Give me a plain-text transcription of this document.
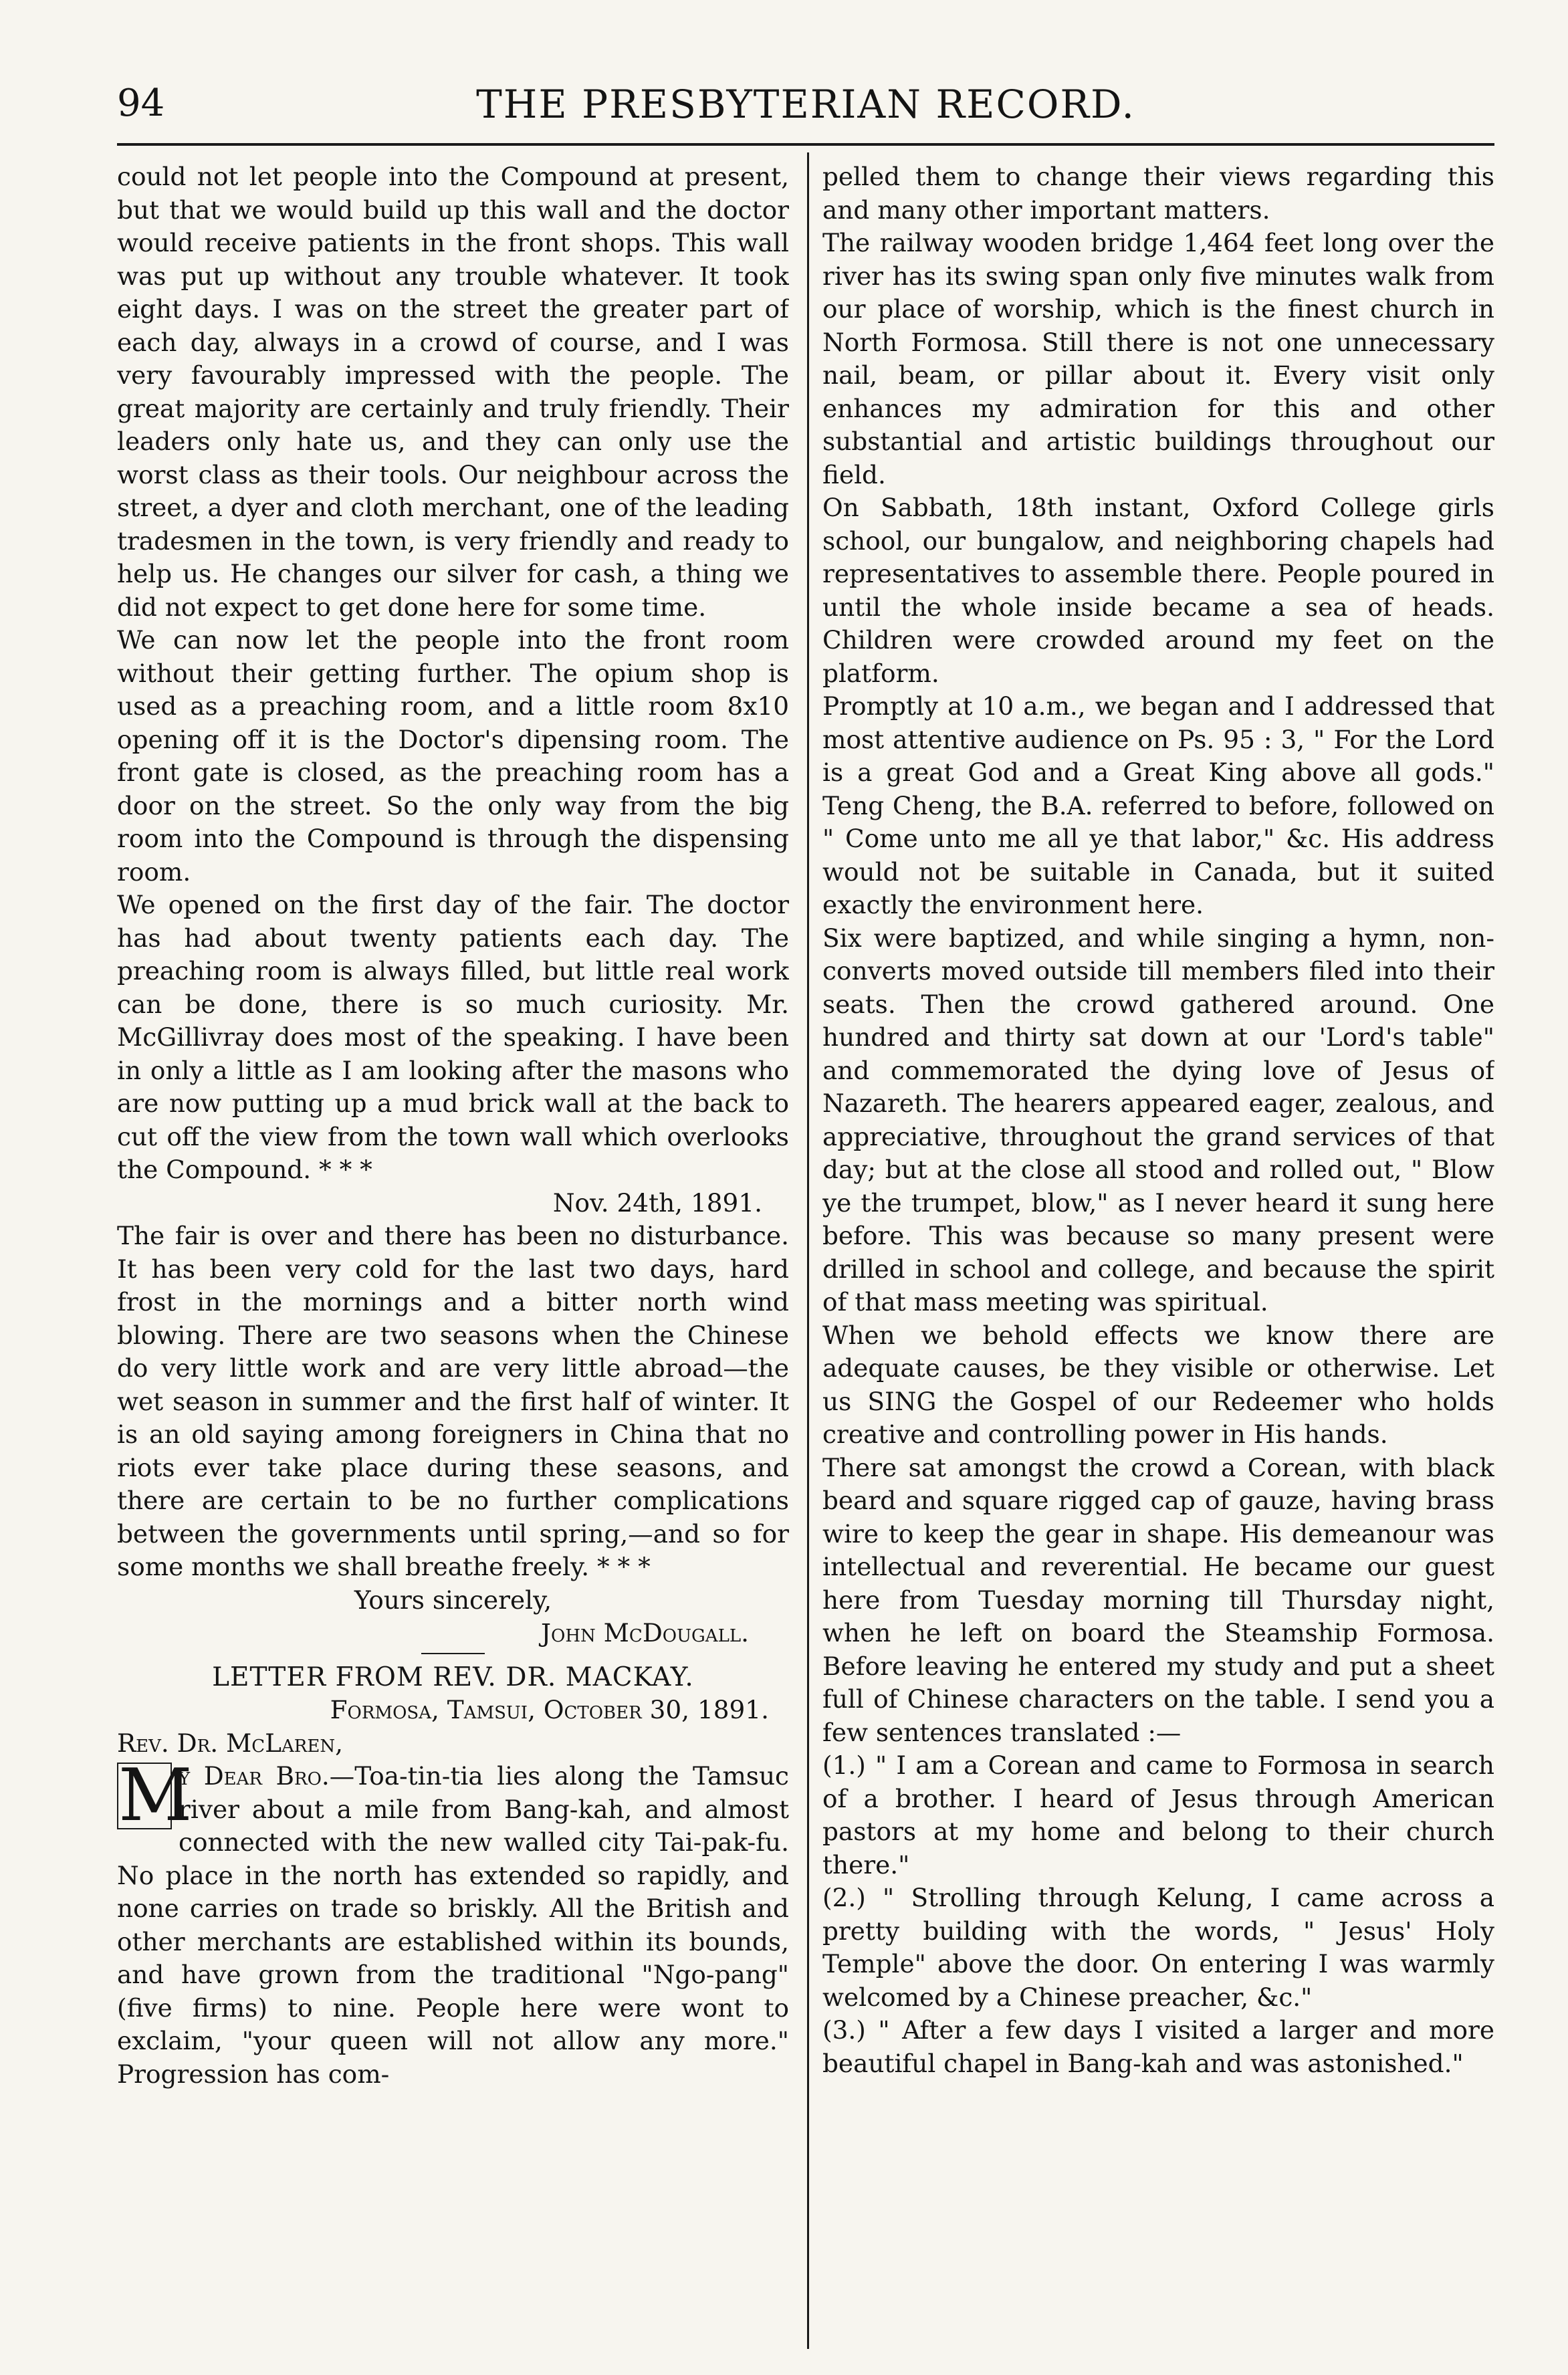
94	THE PRESBYTERIAN RECORD.

could not let people into the Compound at present, but that we would build up this wall and the doctor would receive patients in the front shops. This wall was put up without any trouble whatever. It took eight days. I was on the street the greater part of each day, always in a crowd of course, and I was very favourably impressed with the people. The great majority are certainly and truly friendly. Their leaders only hate us, and they can only use the worst class as their tools. Our neighbour across the street, a dyer and cloth merchant, one of the leading tradesmen in the town, is very friendly and ready to help us. He changes our silver for cash, a thing we did not expect to get done here for some time.

We can now let the people into the front room without their getting further. The opium shop is used as a preaching room, and a little room 8x10 opening off it is the Doctor's dipensing room. The front gate is closed, as the preaching room has a door on the street. So the only way from the big room into the Compound is through the dispensing room.

We opened on the first day of the fair. The doctor has had about twenty patients each day. The preaching room is always filled, but little real work can be done, there is so much curiosity. Mr. McGillivray does most of the speaking. I have been in only a little as I am looking after the masons who are now putting up a mud brick wall at the back to cut off the view from the town wall which overlooks the Compound. * * *

Nov. 24th, 1891.

The fair is over and there has been no disturbance. It has been very cold for the last two days, hard frost in the mornings and a bitter north wind blowing. There are two seasons when the Chinese do very little work and are very little abroad—the wet season in summer and the first half of winter. It is an old saying among foreigners in China that no riots ever take place during these seasons, and there are certain to be no further complications between the governments until spring,—and so for some months we shall breathe freely. * * *

Yours sincerely,

John McDougall.

LETTER FROM REV. DR. MACKAY.

Formosa, Tamsui, October 30, 1891.

Rev. Dr. McLaren,

M
y Dear Bro.—Toa-tin-tia lies along the Tamsuc river about a mile from Bang-kah, and almost connected with the new walled city Tai-pak-fu. No place in the north has extended so rapidly, and none carries on trade so briskly. All the British and other merchants are established within its bounds, and have grown from the traditional "Ngo-pang" (five firms) to nine. People here were wont to exclaim, "your queen will not allow any more." Progression has com-

pelled them to change their views regarding this and many other important matters.

The railway wooden bridge 1,464 feet long over the river has its swing span only five minutes walk from our place of worship, which is the finest church in North Formosa. Still there is not one unnecessary nail, beam, or pillar about it. Every visit only enhances my admiration for this and other substantial and artistic buildings throughout our field.

On Sabbath, 18th instant, Oxford College girls school, our bungalow, and neighboring chapels had representatives to assemble there. People poured in until the whole inside became a sea of heads. Children were crowded around my feet on the platform.

Promptly at 10 a.m., we began and I addressed that most attentive audience on Ps. 95 : 3, " For the Lord is a great God and a Great King above all gods." Teng Cheng, the B.A. referred to before, followed on " Come unto me all ye that labor," &c. His address would not be suitable in Canada, but it suited exactly the environment here.

Six were baptized, and while singing a hymn, non-converts moved outside till members filed into their seats. Then the crowd gathered around. One hundred and thirty sat down at our 'Lord's table" and commemorated the dying love of Jesus of Nazareth. The hearers appeared eager, zealous, and appreciative, throughout the grand services of that day; but at the close all stood and rolled out, " Blow ye the trumpet, blow," as I never heard it sung here before. This was because so many present were drilled in school and college, and because the spirit of that mass meeting was spiritual.

When we behold effects we know there are adequate causes, be they visible or otherwise. Let us SING the Gospel of our Redeemer who holds creative and controlling power in His hands.

There sat amongst the crowd a Corean, with black beard and square rigged cap of gauze, having brass wire to keep the gear in shape. His demeanour was intellectual and reverential. He became our guest here from Tuesday morning till Thursday night, when he left on board the Steamship Formosa. Before leaving he entered my study and put a sheet full of Chinese characters on the table. I send you a few sentences translated :—

(1.) " I am a Corean and came to Formosa in search of a brother. I heard of Jesus through American pastors at my home and belong to their church there."

(2.) " Strolling through Kelung, I came across a pretty building with the words, " Jesus' Holy Temple" above the door. On entering I was warmly welcomed by a Chinese preacher, &c."

(3.) " After a few days I visited a larger and more beautiful chapel in Bang-kah and was astonished."
